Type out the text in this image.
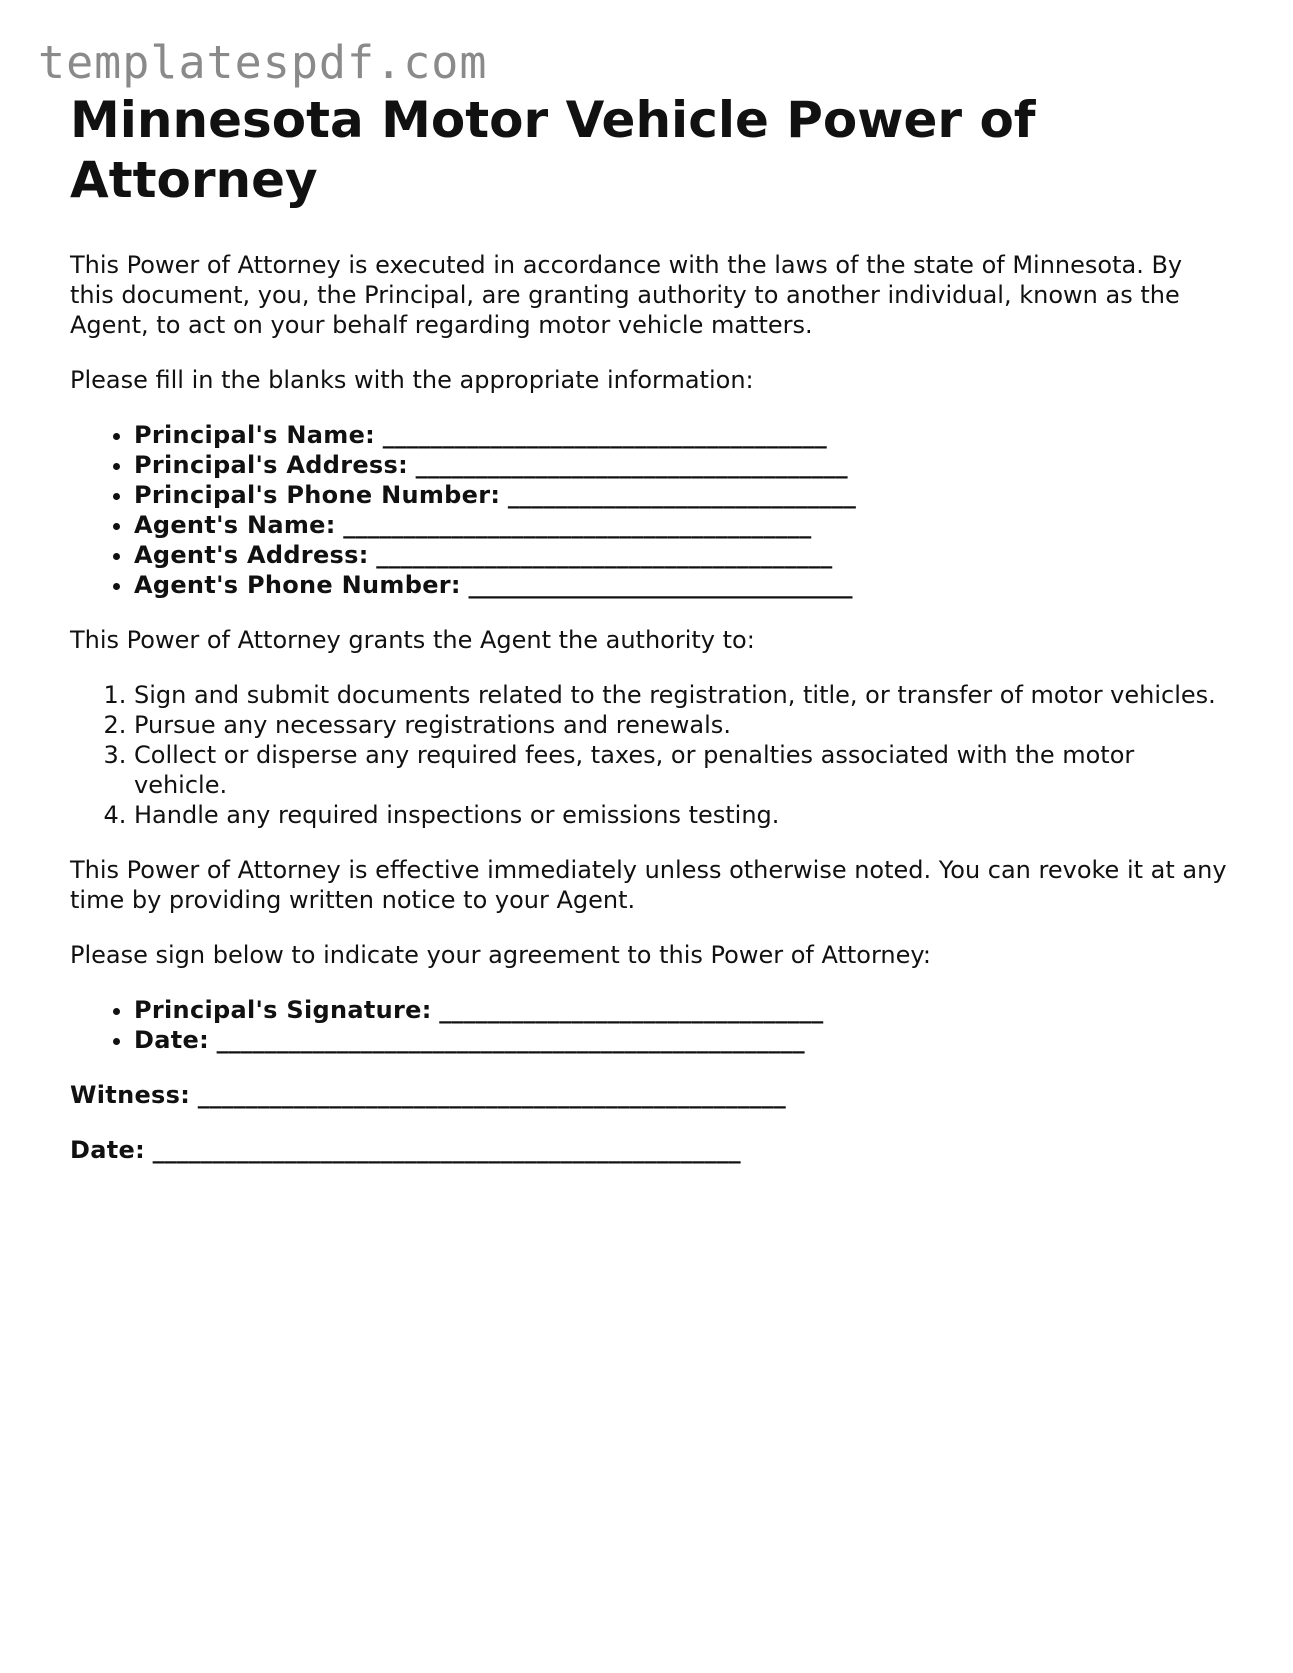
templatespdf.com
Minnesota Motor Vehicle Power of Attorney

This Power of Attorney is executed in accordance with the laws of the state of Minnesota. By this document, you, the Principal, are granting authority to another individual, known as the Agent, to act on your behalf regarding motor vehicle matters.

Please fill in the blanks with the appropriate information:

• Principal's Name: _____________________________________
• Principal's Address: ____________________________________
• Principal's Phone Number: _____________________________
• Agent's Name: _______________________________________
• Agent's Address: ______________________________________
• Agent's Phone Number: ________________________________

This Power of Attorney grants the Agent the authority to:

1. Sign and submit documents related to the registration, title, or transfer of motor vehicles.
2. Pursue any necessary registrations and renewals.
3. Collect or disperse any required fees, taxes, or penalties associated with the motor vehicle.
4. Handle any required inspections or emissions testing.

This Power of Attorney is effective immediately unless otherwise noted. You can revoke it at any time by providing written notice to your Agent.

Please sign below to indicate your agreement to this Power of Attorney:

• Principal's Signature: ________________________________
• Date: _________________________________________________
Witness: _________________________________________________
Date: _________________________________________________
